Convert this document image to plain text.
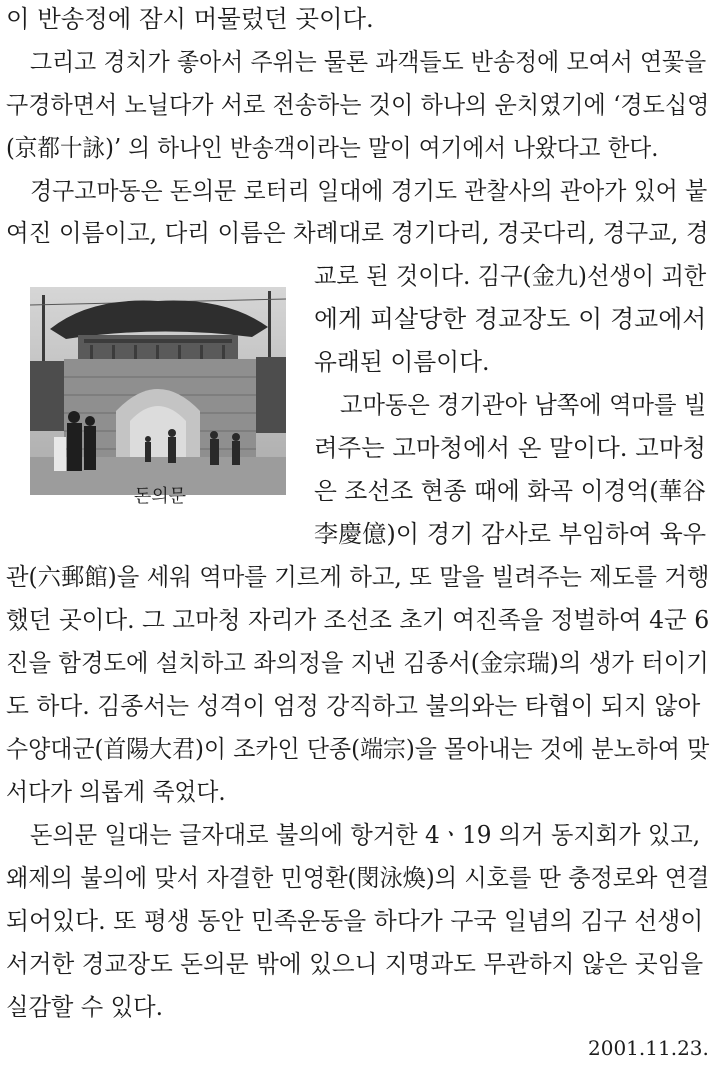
이 반송정에 잠시 머물렀던 곳이다.

그리고 경치가 좋아서 주위는 물론 과객들도 반송정에 모여서 연꽃을

구경하면서 노닐다가 서로 전송하는 것이 하나의 운치였기에 ‘경도십영

(京都十詠)’ 의 하나인 반송객이라는 말이 여기에서 나왔다고 한다.

경구고마동은 돈의문 로터리 일대에 경기도 관찰사의 관아가 있어 붙

여진 이름이고, 다리 이름은 차례대로 경기다리, 경곳다리, 경구교, 경

교로 된 것이다. 김구(金九)선생이 괴한

에게 피살당한 경교장도 이 경교에서

유래된 이름이다.

고마동은 경기관아 남쪽에 역마를 빌

려주는 고마청에서 온 말이다. 고마청

은 조선조 현종 때에 화곡 이경억(華谷

李慶億)이 경기 감사로 부임하여 육우

관(六郵館)을 세워 역마를 기르게 하고, 또 말을 빌려주는 제도를 거행

했던 곳이다. 그 고마청 자리가 조선조 초기 여진족을 정벌하여 4군 6

진을 함경도에 설치하고 좌의정을 지낸 김종서(金宗瑞)의 생가 터이기

도 하다. 김종서는 성격이 엄정 강직하고 불의와는 타협이 되지 않아

수양대군(首陽大君)이 조카인 단종(端宗)을 몰아내는 것에 분노하여 맞

서다가 의롭게 죽었다.

돈의문 일대는 글자대로 불의에 항거한 4ㆍ19 의거 동지회가 있고,

왜제의 불의에 맞서 자결한 민영환(閔泳煥)의 시호를 딴 충정로와 연결

되어있다. 또 평생 동안 민족운동을 하다가 구국 일념의 김구 선생이

서거한 경교장도 돈의문 밖에 있으니 지명과도 무관하지 않은 곳임을

실감할 수 있다.

돈의문
2001.11.23.
